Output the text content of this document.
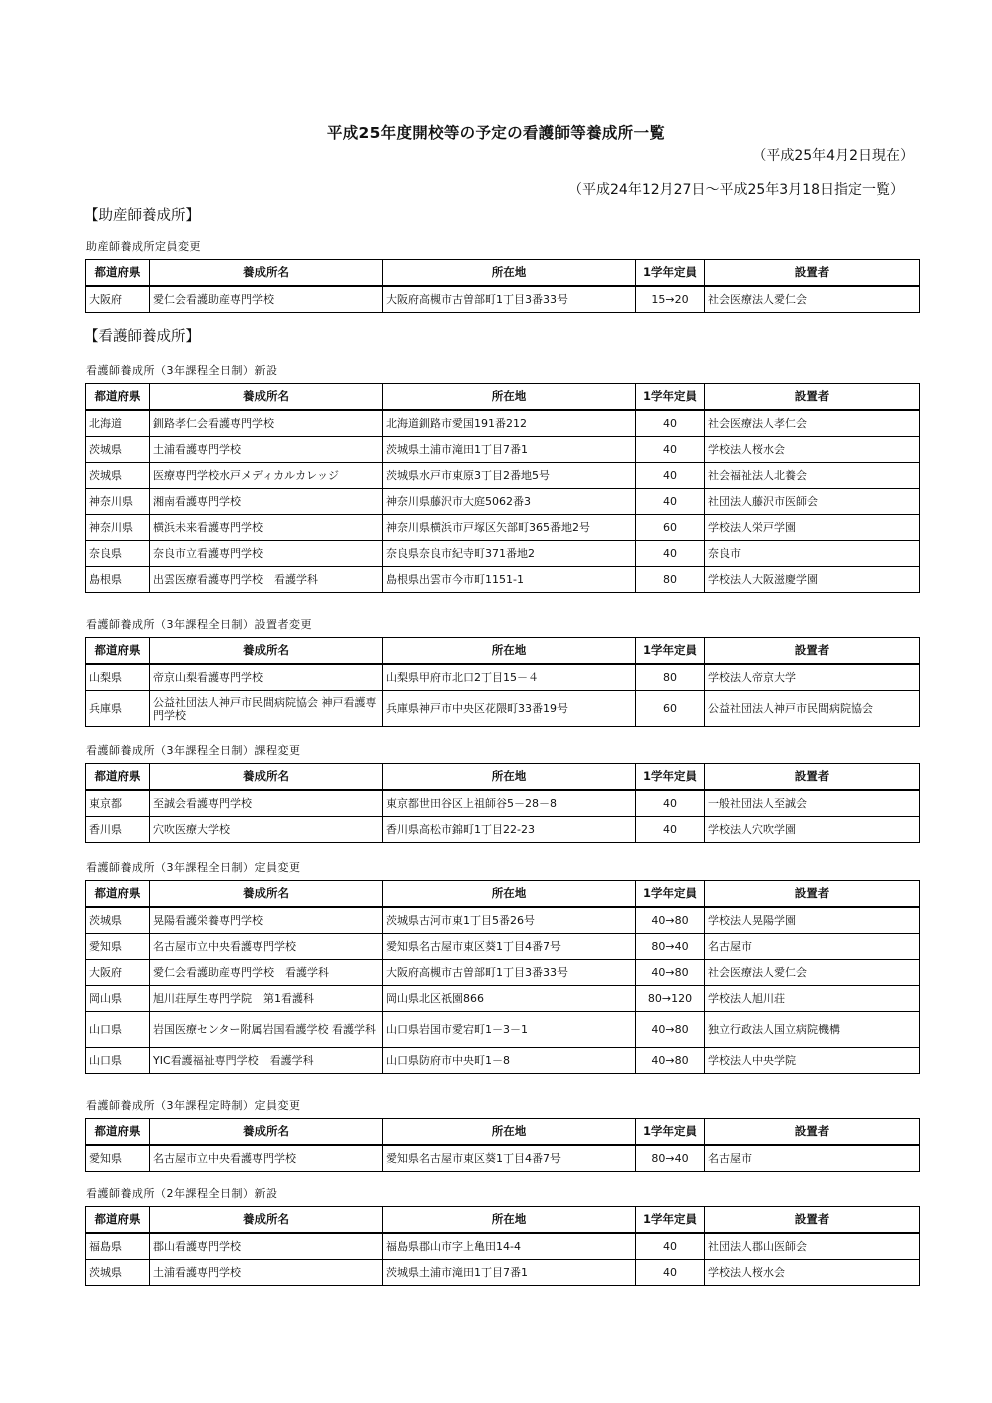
平成25年度開校等の予定の看護師等養成所一覧
（平成25年4月2日現在）
（平成24年12月27日～平成25年3月18日指定一覧）
【助産師養成所】
助産師養成所定員変更
都道府県	養成所名	所在地	1学年定員	設置者
大阪府	愛仁会看護助産専門学校	大阪府高槻市古曽部町1丁目3番33号	15→20	社会医療法人愛仁会
【看護師養成所】
看護師養成所（3年課程全日制）新設
都道府県	養成所名	所在地	1学年定員	設置者
北海道	釧路孝仁会看護専門学校	北海道釧路市愛国191番212	40	社会医療法人孝仁会
茨城県	土浦看護専門学校	茨城県土浦市滝田1丁目7番1	40	学校法人桜水会
茨城県	医療専門学校水戸メディカルカレッジ	茨城県水戸市東原3丁目2番地5号	40	社会福祉法人北養会
神奈川県	湘南看護専門学校	神奈川県藤沢市大庭5062番3	40	社団法人藤沢市医師会
神奈川県	横浜未来看護専門学校	神奈川県横浜市戸塚区矢部町365番地2号	60	学校法人栄戸学園
奈良県	奈良市立看護専門学校	奈良県奈良市紀寺町371番地2	40	奈良市
島根県	出雲医療看護専門学校　看護学科	島根県出雲市今市町1151-1	80	学校法人大阪滋慶学園
看護師養成所（3年課程全日制）設置者変更
都道府県	養成所名	所在地	1学年定員	設置者
山梨県	帝京山梨看護専門学校	山梨県甲府市北口2丁目15－４	80	学校法人帝京大学
兵庫県	公益社団法人神戸市民間病院協会 神戸看護専門学校	兵庫県神戸市中央区花隈町33番19号	60	公益社団法人神戸市民間病院協会
看護師養成所（3年課程全日制）課程変更
都道府県	養成所名	所在地	1学年定員	設置者
東京都	至誠会看護専門学校	東京都世田谷区上祖師谷5－28－8	40	一般社団法人至誠会
香川県	穴吹医療大学校	香川県高松市錦町1丁目22-23	40	学校法人穴吹学園
看護師養成所（3年課程全日制）定員変更
都道府県	養成所名	所在地	1学年定員	設置者
茨城県	晃陽看護栄養専門学校	茨城県古河市東1丁目5番26号	40→80	学校法人晃陽学園
愛知県	名古屋市立中央看護専門学校	愛知県名古屋市東区葵1丁目4番7号	80→40	名古屋市
大阪府	愛仁会看護助産専門学校　看護学科	大阪府高槻市古曽部町1丁目3番33号	40→80	社会医療法人愛仁会
岡山県	旭川荘厚生専門学院　第1看護科	岡山県北区祇園866	80→120	学校法人旭川荘
山口県	岩国医療センター附属岩国看護学校 看護学科	山口県岩国市愛宕町1－3－1	40→80	独立行政法人国立病院機構
山口県	YIC看護福祉専門学校　看護学科	山口県防府市中央町1－8	40→80	学校法人中央学院
看護師養成所（3年課程定時制）定員変更
都道府県	養成所名	所在地	1学年定員	設置者
愛知県	名古屋市立中央看護専門学校	愛知県名古屋市東区葵1丁目4番7号	80→40	名古屋市
看護師養成所（2年課程全日制）新設
都道府県	養成所名	所在地	1学年定員	設置者
福島県	郡山看護専門学校	福島県郡山市字上亀田14-4	40	社団法人郡山医師会
茨城県	土浦看護専門学校	茨城県土浦市滝田1丁目7番1	40	学校法人桜水会
